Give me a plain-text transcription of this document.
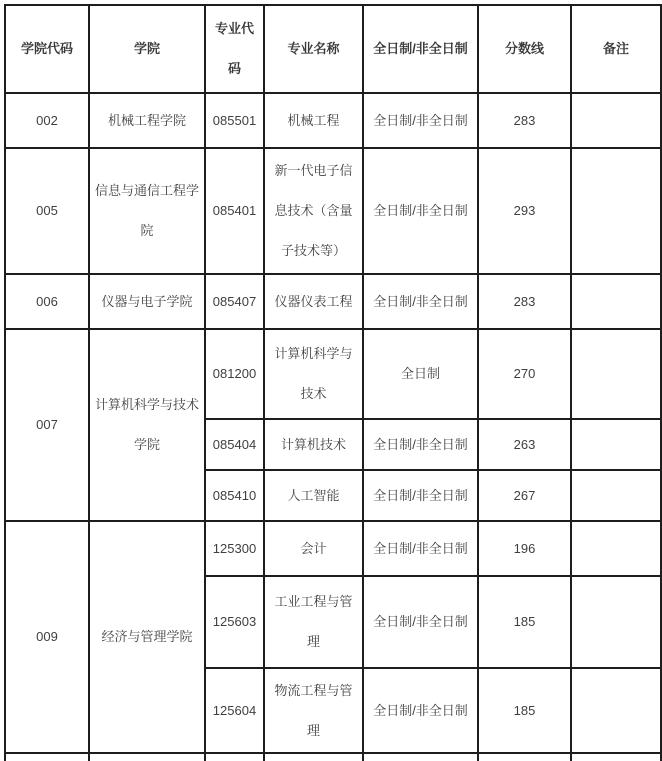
学院代码	学院	专业代码	专业名称	全日制/非全日制	分数线	备注
002	机械工程学院	085501	机械工程	全日制/非全日制	283	
005	信息与通信工程学院	085401	新一代电子信息技术（含量子技术等）	全日制/非全日制	293	
006	仪器与电子学院	085407	仪器仪表工程	全日制/非全日制	283	
007	计算机科学与技术学院	081200	计算机科学与技术	全日制	270	
		085404	计算机技术	全日制/非全日制	263	
		085410	人工智能	全日制/非全日制	267	
009	经济与管理学院	125300	会计	全日制/非全日制	196	
		125603	工业工程与管理	全日制/非全日制	185	
		125604	物流工程与管理	全日制/非全日制	185	
